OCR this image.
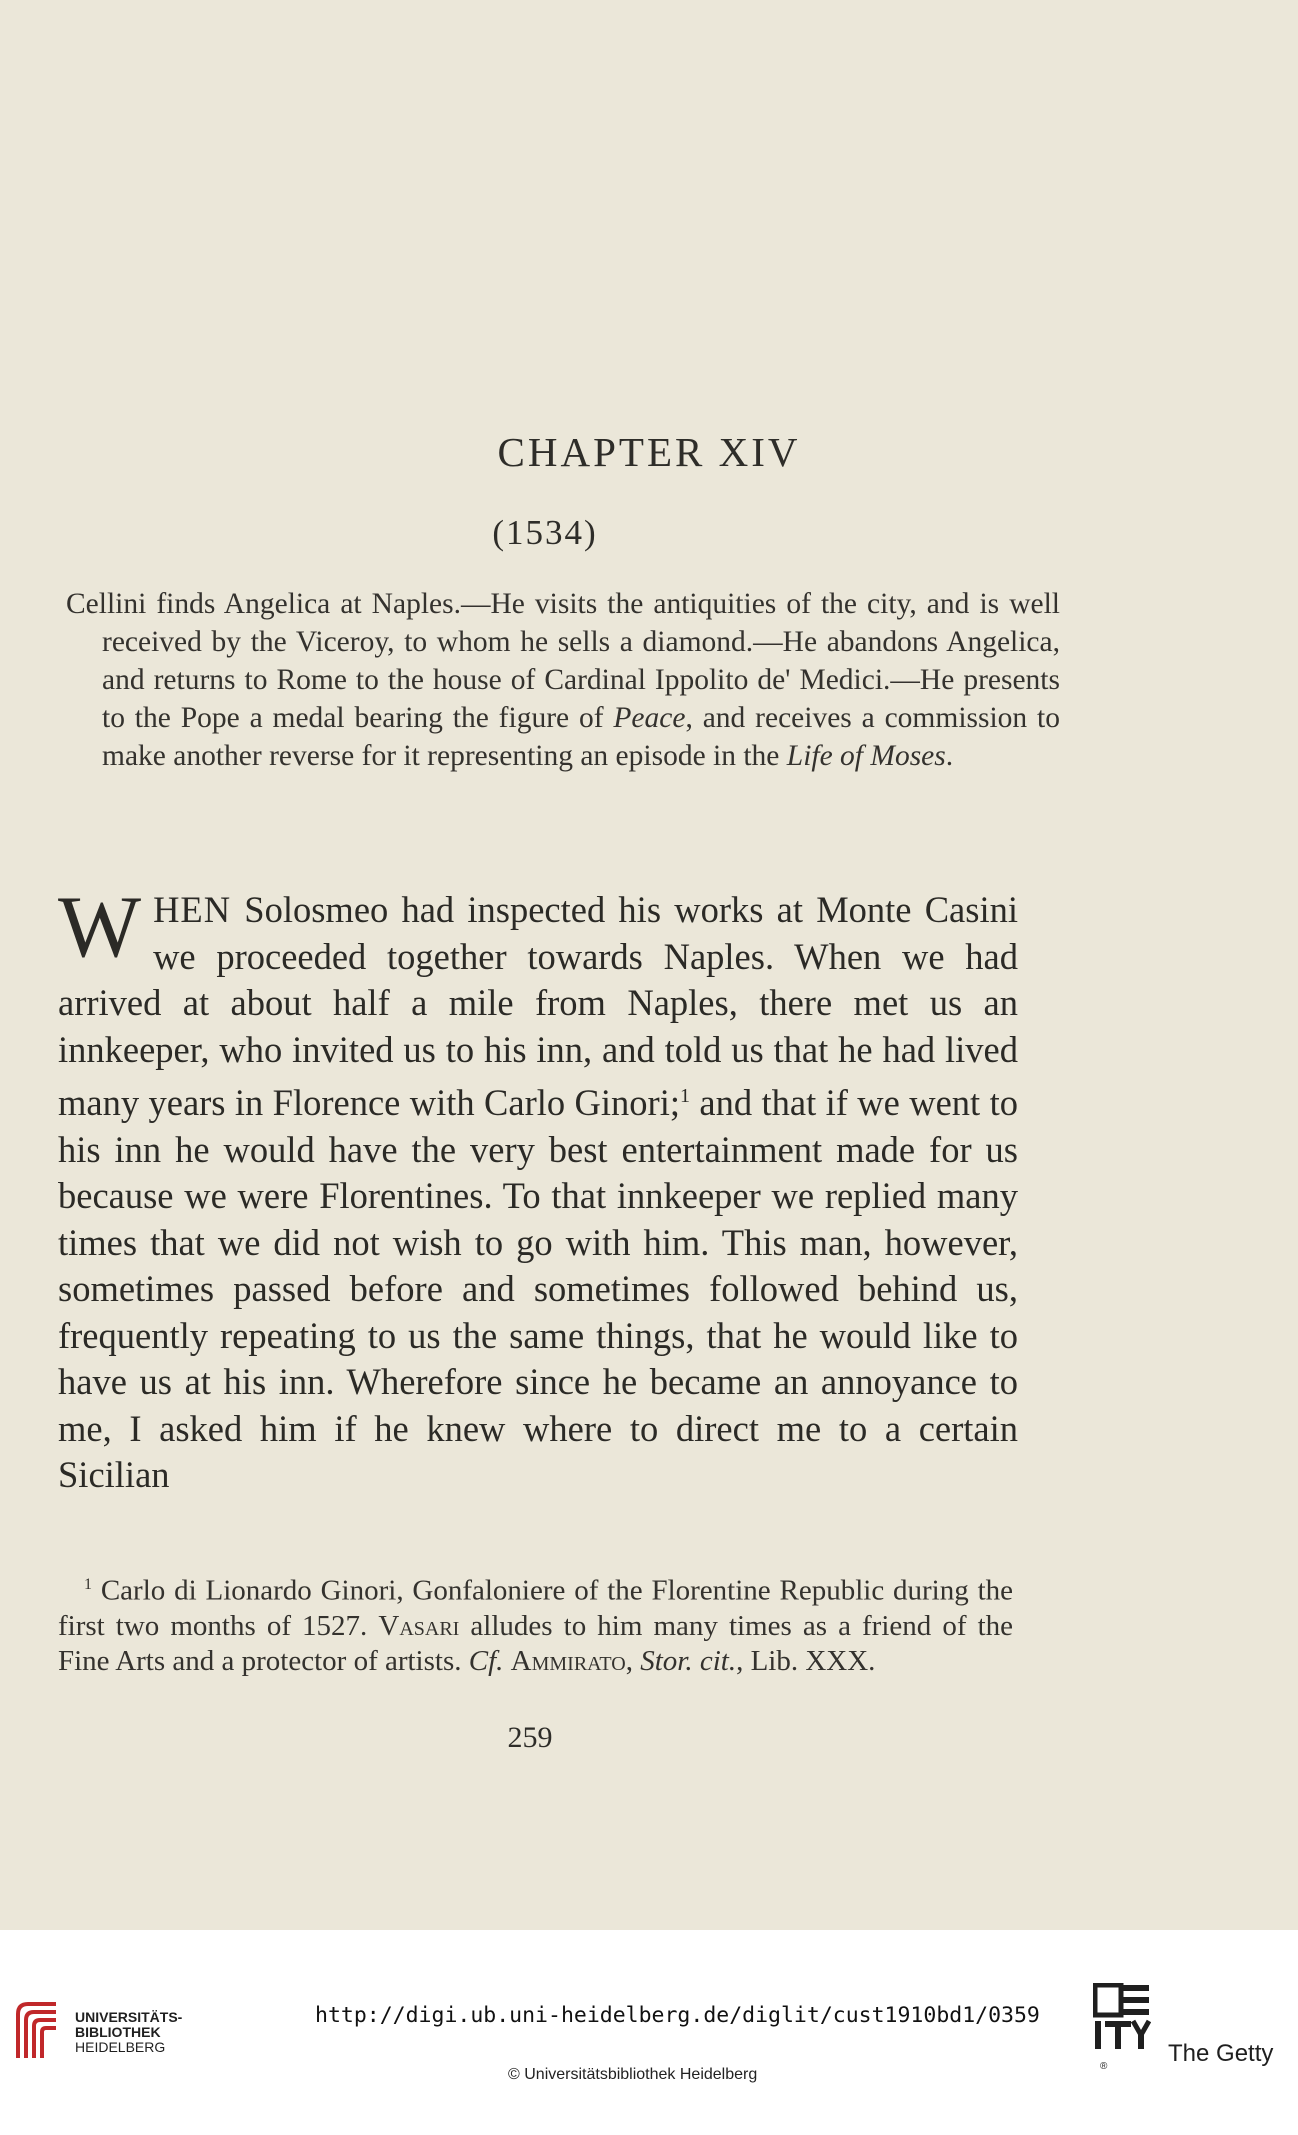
CHAPTER XIV
(1534)
Cellini finds Angelica at Naples.—He visits the antiquities of the city, and is well received by the Viceroy, to whom he sells a diamond.—He abandons Angelica, and returns to Rome to the house of Cardinal Ippolito de' Medici.—He presents to the Pope a medal bearing the figure of Peace, and receives a commission to make another reverse for it representing an episode in the Life of Moses.
WHEN Solosmeo had inspected his works at Monte Casini we proceeded together towards Naples. When we had arrived at about half a mile from Naples, there met us an innkeeper, who invited us to his inn, and told us that he had lived many years in Florence with Carlo Ginori;$^1$ and that if we went to his inn he would have the very best entertainment made for us because we were Florentines. To that innkeeper we replied many times that we did not wish to go with him. This man, however, sometimes passed before and sometimes followed behind us, frequently repeating to us the same things, that he would like to have us at his inn. Wherefore since he became an annoyance to me, I asked him if he knew where to direct me to a certain Sicilian
$^1$ Carlo di Lionardo Ginori, Gonfaloniere of the Florentine Republic during the first two months of 1527. Vasari alludes to him many times as a friend of the Fine Arts and a protector of artists. Cf. Ammirato, Stor. cit., Lib. XXX.
259
UNIVERSITÄTS-
BIBLIOTHEK
HEIDELBERG
http://digi.ub.uni-heidelberg.de/diglit/cust1910bd1/0359
© Universitätsbibliothek Heidelberg	®	The Getty
